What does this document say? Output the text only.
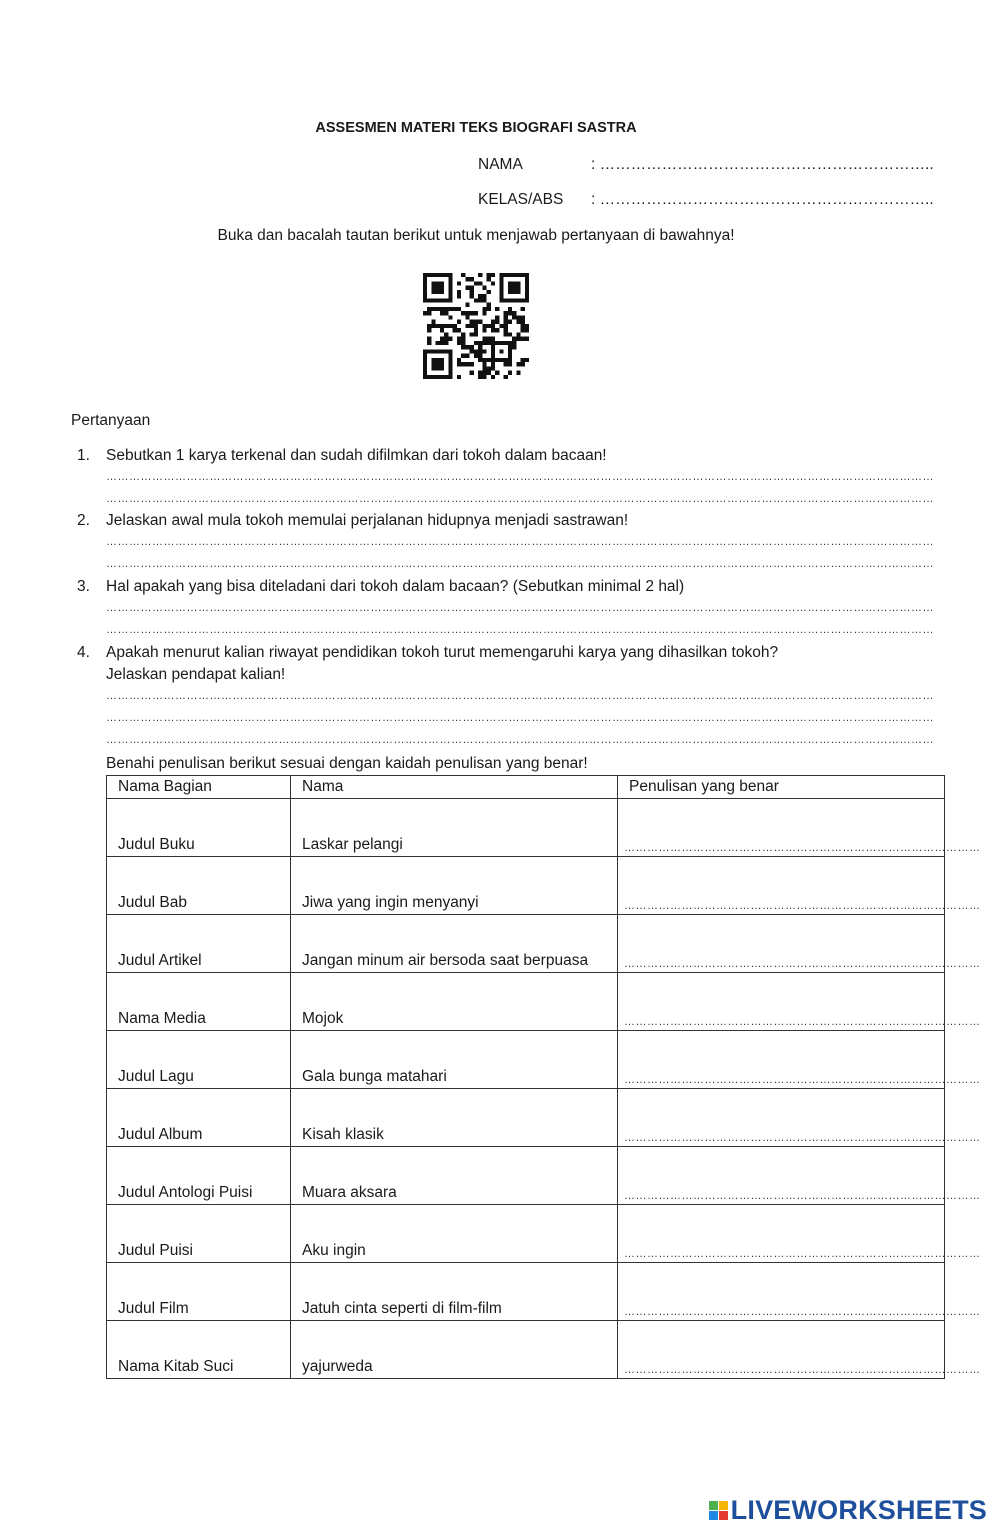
ASSESMEN MATERI TEKS BIOGRAFI SASTRA
NAMA	: ………………………………………………………..
KELAS/ABS : ………………………………………………………..
Buka dan bacalah tautan berikut untuk menjawab pertanyaan di bawahnya!
Pertanyaan
1. Sebutkan 1 karya terkenal dan sudah difilmkan dari tokoh dalam bacaan!
………………………………………………………………………………………………………………………………………………………………………………………………
………………………………………………………………………………………………………………………………………………………………………………………………
2. Jelaskan awal mula tokoh memulai perjalanan hidupnya menjadi sastrawan!
………………………………………………………………………………………………………………………………………………………………………………………………
………………………………………………………………………………………………………………………………………………………………………………………………
3. Hal apakah yang bisa diteladani dari tokoh dalam bacaan? (Sebutkan minimal 2 hal)
………………………………………………………………………………………………………………………………………………………………………………………………
………………………………………………………………………………………………………………………………………………………………………………………………
4. Apakah menurut kalian riwayat pendidikan tokoh turut memengaruhi karya yang dihasilkan tokoh?
Jelaskan pendapat kalian!
………………………………………………………………………………………………………………………………………………………………………………………………
………………………………………………………………………………………………………………………………………………………………………………………………
………………………………………………………………………………………………………………………………………………………………………………………………
Benahi penulisan berikut sesuai dengan kaidah penulisan yang benar!
Nama Bagian	Nama	Penulisan yang benar
Judul Buku	Laskar pelangi	…………………………………………………………………………………

Judul Bab	Jiwa yang ingin menyanyi	…………………………………………………………………………………

Judul Artikel	Jangan minum air bersoda saat berpuasa	…………………………………………………………………………………

Nama Media	Mojok	…………………………………………………………………………………

Judul Lagu	Gala bunga matahari	…………………………………………………………………………………

Judul Album	Kisah klasik	…………………………………………………………………………………

Judul Antologi Puisi	Muara aksara	…………………………………………………………………………………

Judul Puisi	Aku ingin	…………………………………………………………………………………

Judul Film	Jatuh cinta seperti di film-film	…………………………………………………………………………………

Nama Kitab Suci	yajurweda	…………………………………………………………………………………
LIVEWORKSHEETS
